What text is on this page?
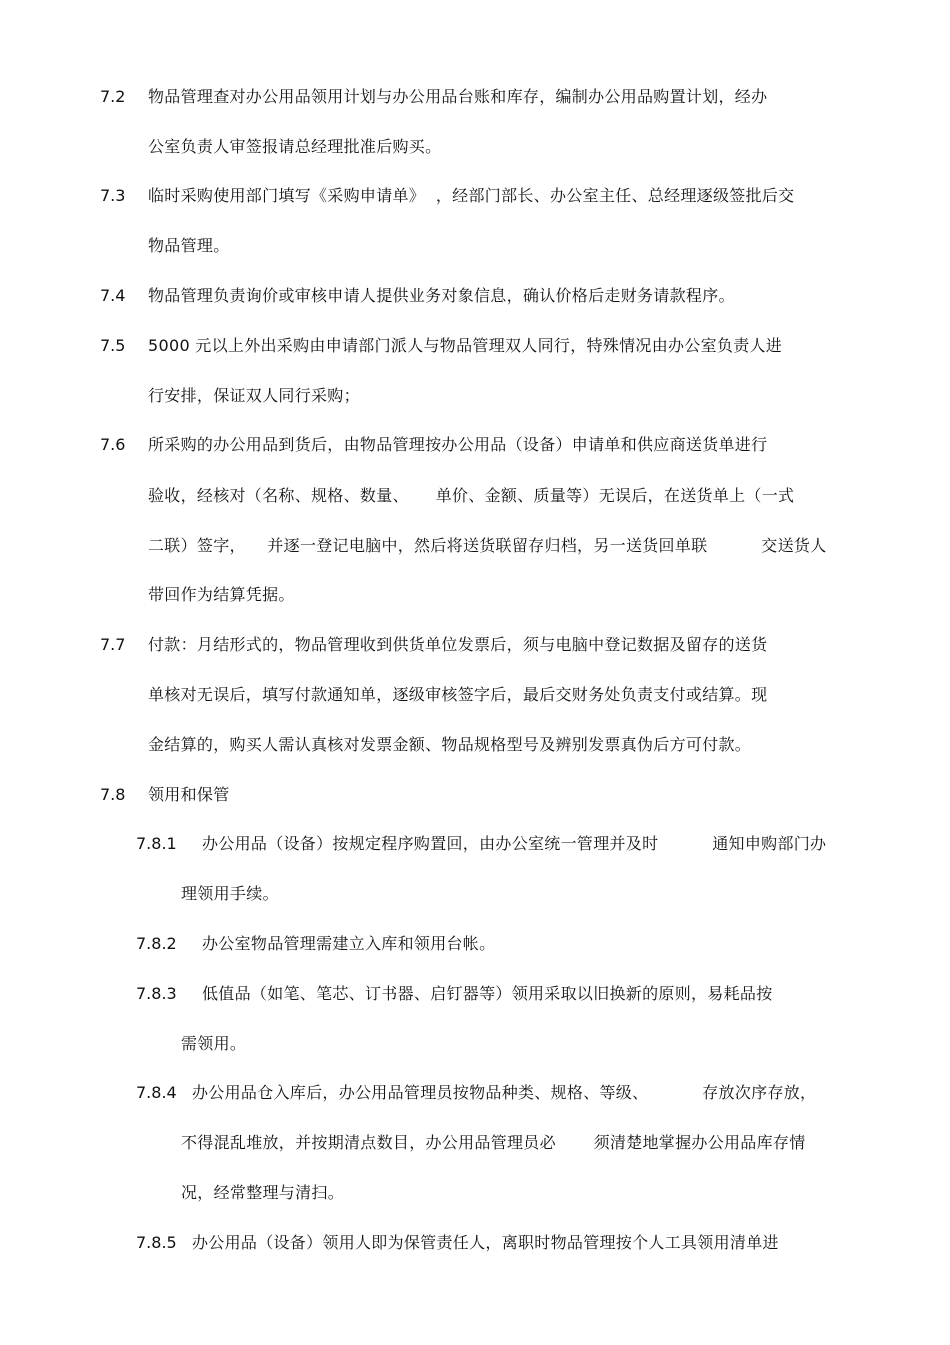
7.2 物品管理查对办公用品领用计划与办公用品台账和库存，编制办公用品购置计划，经办
公室负责人审签报请总经理批准后购买。
7.3 临时采购使用部门填写《采购申请单》  ，经部门部长、办公室主任、总经理逐级签批后交
物品管理。
7.4 物品管理负责询价或审核申请人提供业务对象信息，确认价格后走财务请款程序。
7.5 5000 元以上外出采购由申请部门派人与物品管理双人同行，特殊情况由办公室负责人进
行安排，保证双人同行采购；
7.6 所采购的办公用品到货后，由物品管理按办公用品（设备）申请单和供应商送货单进行
验收，经核对（名称、规格、数量、     单价、金额、质量等）无误后，在送货单上（一式
二联）签字，    并逐一登记电脑中，然后将送货联留存归档，另一送货回单联          交送货人
带回作为结算凭据。
7.7 付款：月结形式的，物品管理收到供货单位发票后，须与电脑中登记数据及留存的送货
单核对无误后，填写付款通知单，逐级审核签字后，最后交财务处负责支付或结算。现
金结算的，购买人需认真核对发票金额、物品规格型号及辨别发票真伪后方可付款。
7.8 领用和保管
7.8.1 办公用品（设备）按规定程序购置回，由办公室统一管理并及时          通知申购部门办
理领用手续。
7.8.2 办公室物品管理需建立入库和领用台帐。
7.8.3 低值品（如笔、笔芯、订书器、启钉器等）领用采取以旧换新的原则，易耗品按
需领用。
7.8.4 办公用品仓入库后，办公用品管理员按物品种类、规格、等级、          存放次序存放，
不得混乱堆放，并按期清点数目，办公用品管理员必       须清楚地掌握办公用品库存情
况，经常整理与清扫。
7.8.5 办公用品（设备）领用人即为保管责任人，离职时物品管理按个人工具领用清单进
